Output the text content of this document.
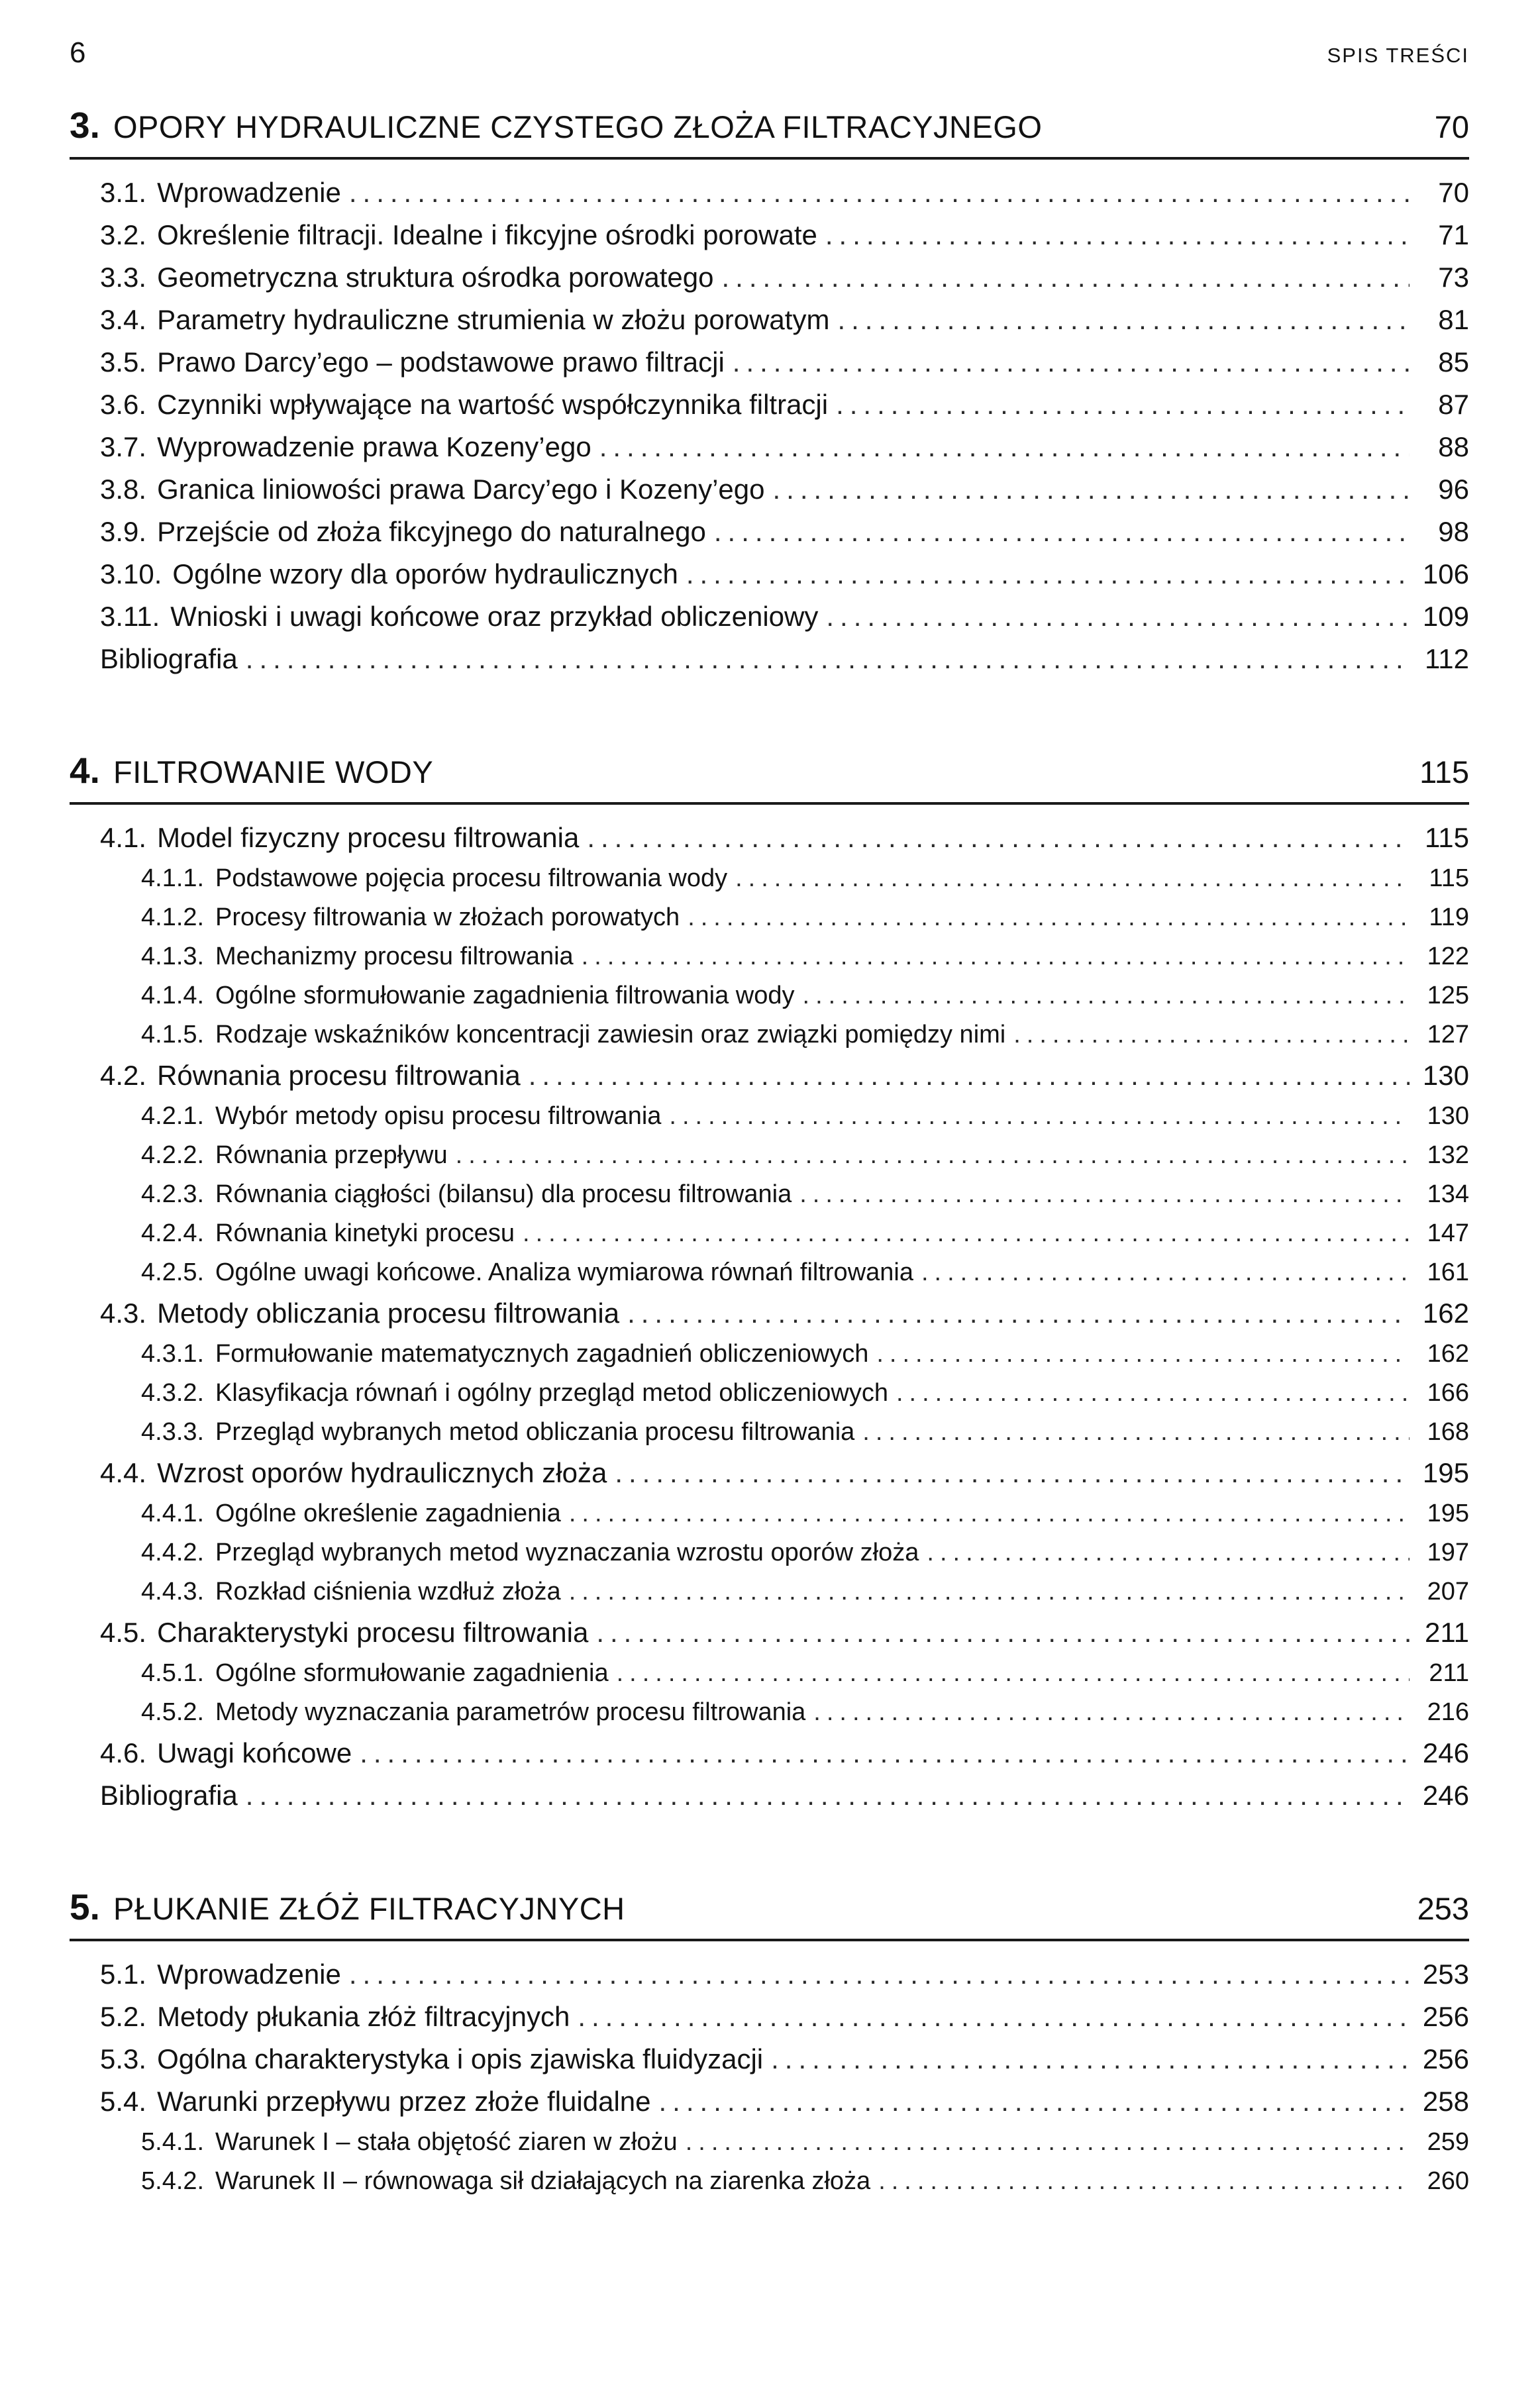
6	SPIS TREŚCI
3. OPORY HYDRAULICZNE CZYSTEGO ZŁOŻA FILTRACYJNEGO	70
3.1. Wprowadzenie .....	70
3.2. Określenie filtracji. Idealne i fikcyjne ośrodki porowate .....	71
3.3. Geometryczna struktura ośrodka porowatego .....	73
3.4. Parametry hydrauliczne strumienia w złożu porowatym .....	81
3.5. Prawo Darcy’ego – podstawowe prawo filtracji .....	85
3.6. Czynniki wpływające na wartość współczynnika filtracji .....	87
3.7. Wyprowadzenie prawa Kozeny’ego .....	88
3.8. Granica liniowości prawa Darcy’ego i Kozeny’ego .....	96
3.9. Przejście od złoża fikcyjnego do naturalnego .....	98
3.10. Ogólne wzory dla oporów hydraulicznych .....	106
3.11. Wnioski i uwagi końcowe oraz przykład obliczeniowy .....	109
Bibliografia .....	112
4. FILTROWANIE WODY	115
4.1. Model fizyczny procesu filtrowania .....	115
4.1.1. Podstawowe pojęcia procesu filtrowania wody .....	115
4.1.2. Procesy filtrowania w złożach porowatych .....	119
4.1.3. Mechanizmy procesu filtrowania .....	122
4.1.4. Ogólne sformułowanie zagadnienia filtrowania wody .....	125
4.1.5. Rodzaje wskaźników koncentracji zawiesin oraz związki pomiędzy nimi .....	127
4.2. Równania procesu filtrowania .....	130
4.2.1. Wybór metody opisu procesu filtrowania .....	130
4.2.2. Równania przepływu .....	132
4.2.3. Równania ciągłości (bilansu) dla procesu filtrowania .....	134
4.2.4. Równania kinetyki procesu .....	147
4.2.5. Ogólne uwagi końcowe. Analiza wymiarowa równań filtrowania .....	161
4.3. Metody obliczania procesu filtrowania .....	162
4.3.1. Formułowanie matematycznych zagadnień obliczeniowych .....	162
4.3.2. Klasyfikacja równań i ogólny przegląd metod obliczeniowych .....	166
4.3.3. Przegląd wybranych metod obliczania procesu filtrowania .....	168
4.4. Wzrost oporów hydraulicznych złoża .....	195
4.4.1. Ogólne określenie zagadnienia .....	195
4.4.2. Przegląd wybranych metod wyznaczania wzrostu oporów złoża .....	197
4.4.3. Rozkład ciśnienia wzdłuż złoża .....	207
4.5. Charakterystyki procesu filtrowania .....	211
4.5.1. Ogólne sformułowanie zagadnienia .....	211
4.5.2. Metody wyznaczania parametrów procesu filtrowania .....	216
4.6. Uwagi końcowe .....	246
Bibliografia .....	246
5. PŁUKANIE ZŁÓŻ FILTRACYJNYCH	253
5.1. Wprowadzenie .....	253
5.2. Metody płukania złóż filtracyjnych .....	256
5.3. Ogólna charakterystyka i opis zjawiska fluidyzacji .....	256
5.4. Warunki przepływu przez złoże fluidalne .....	258
5.4.1. Warunek I – stała objętość ziaren w złożu .....	259
5.4.2. Warunek II – równowaga sił działających na ziarenka złoża .....	260
